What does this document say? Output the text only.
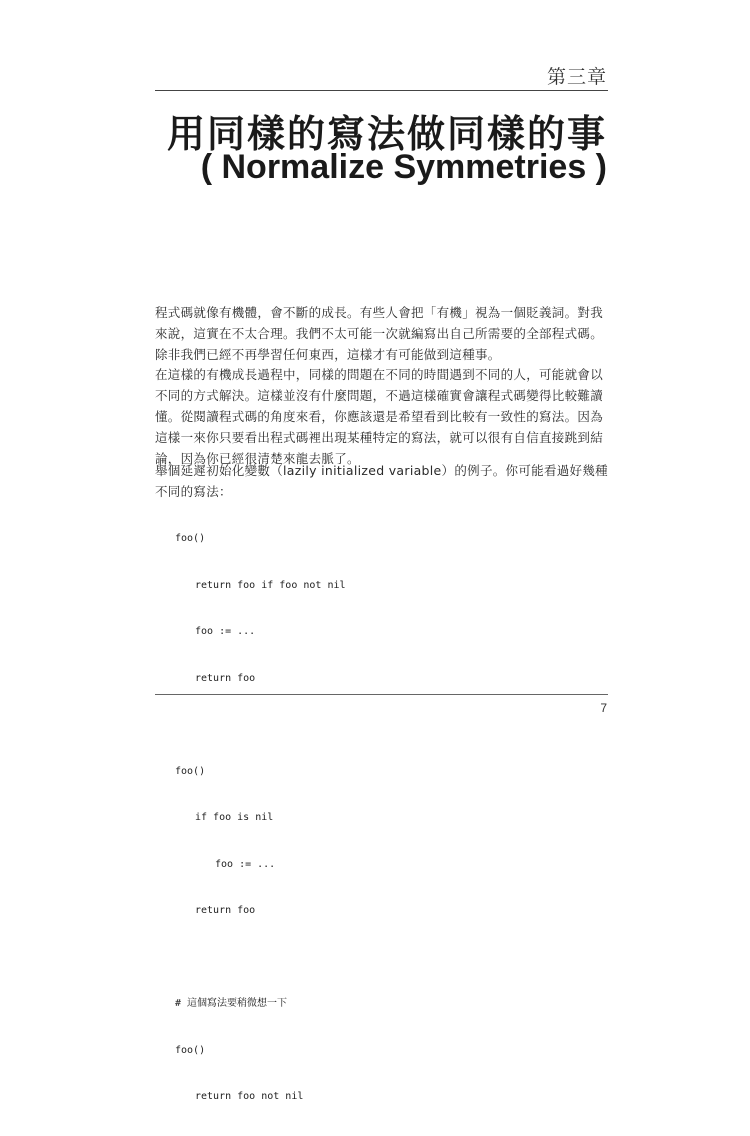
第三章
用同樣的寫法做同樣的事
( Normalize Symmetries )

程式碼就像有機體，會不斷的成長。有些人會把「有機」視為一個貶義詞。對我來說，這實在不太合理。我們不太可能一次就編寫出自己所需要的全部程式碼。除非我們已經不再學習任何東西，這樣才有可能做到這種事。

在這樣的有機成長過程中，同樣的問題在不同的時間遇到不同的人，可能就會以不同的方式解決。這樣並沒有什麼問題，不過這樣確實會讓程式碼變得比較難讀懂。從閱讀程式碼的角度來看，你應該還是希望看到比較有一致性的寫法。因為這樣一來你只要看出程式碼裡出現某種特定的寫法，就可以很有自信直接跳到結論，因為你已經很清楚來龍去脈了。

舉個延遲初始化變數（lazily initialized variable）的例子。你可能看過好幾種不同的寫法：

foo()

return foo if foo not nil

foo := ...

return foo

foo()

if foo is nil

foo := ...

return foo

# 這個寫法要稍微想一下

foo()

return foo not nil

7
